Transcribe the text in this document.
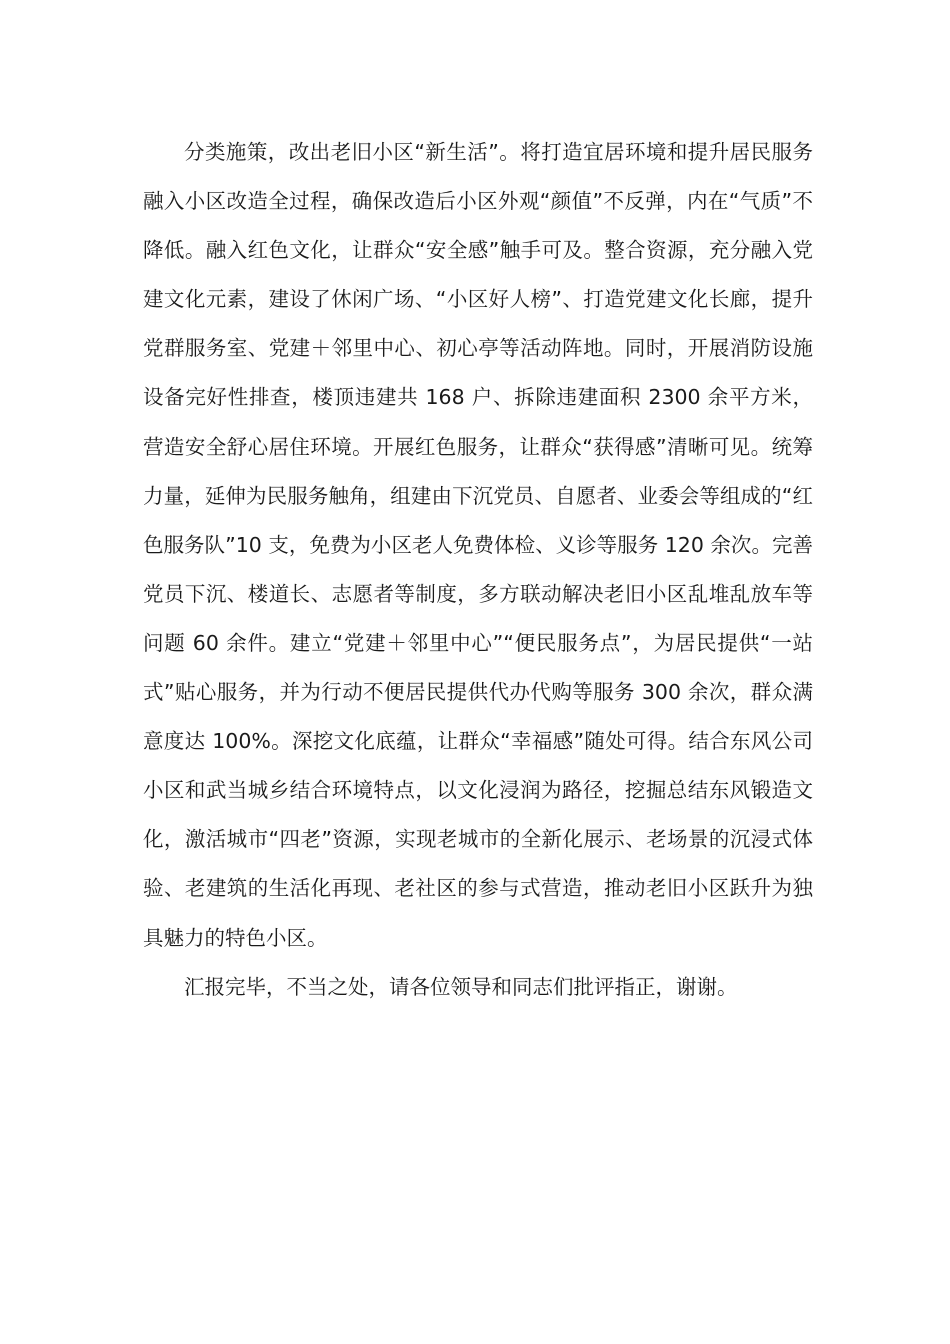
分类施策，改出老旧小区“新生活”。将打造宜居环境和提升居民服务融入小区改造全过程，确保改造后小区外观“颜值”不反弹，内在“气质”不降低。融入红色文化，让群众“安全感”触手可及。整合资源，充分融入党建文化元素，建设了休闲广场、“小区好人榜”、打造党建文化长廊，提升党群服务室、党建＋邻里中心、初心亭等活动阵地。同时，开展消防设施设备完好性排查，楼顶违建共 168 户、拆除违建面积 2300 余平方米，营造安全舒心居住环境。开展红色服务，让群众“获得感”清晰可见。统筹力量，延伸为民服务触角，组建由下沉党员、自愿者、业委会等组成的“红色服务队”10 支，免费为小区老人免费体检、义诊等服务 120 余次。完善党员下沉、楼道长、志愿者等制度，多方联动解决老旧小区乱堆乱放车等问题 60 余件。建立“党建＋邻里中心”“便民服务点”，为居民提供“一站式”贴心服务，并为行动不便居民提供代办代购等服务 300 余次，群众满意度达 100%。深挖文化底蕴，让群众“幸福感”随处可得。结合东风公司小区和武当城乡结合环境特点，以文化浸润为路径，挖掘总结东风锻造文化，激活城市“四老”资源，实现老城市的全新化展示、老场景的沉浸式体验、老建筑的生活化再现、老社区的参与式营造，推动老旧小区跃升为独具魅力的特色小区。

汇报完毕，不当之处，请各位领导和同志们批评指正，谢谢。
